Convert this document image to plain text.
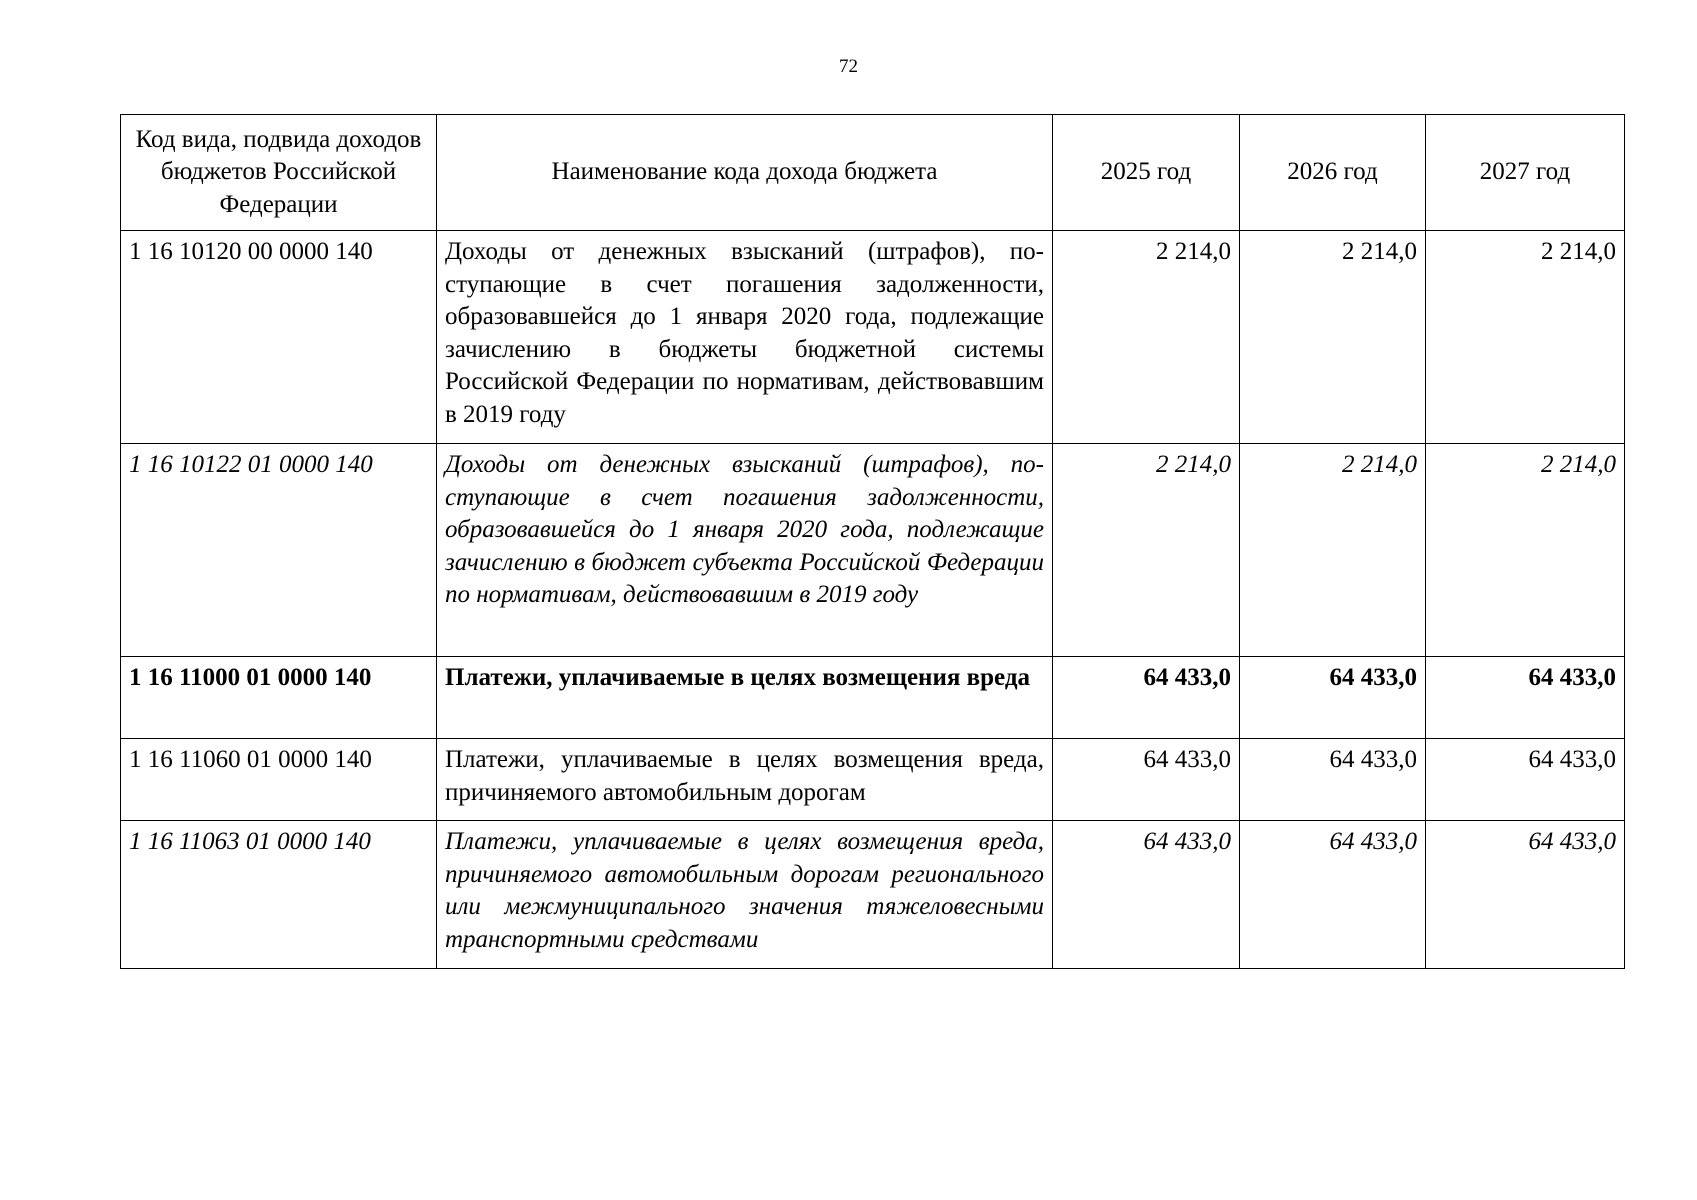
72
Код вида, подвида доходов бюджетов Российской Федерации	Наименование кода дохода бюджета	2025 год	2026 год	2027 год
1 16 10120 00 0000 140	Доходы от денежных взысканий (штрафов), поступающие в счет погашения задолженности, образовавшейся до 1 января 2020 года, подлежащие зачислению в бюджеты бюджетной системы Российской Федерации по нормативам, действовавшим в 2019 году	2 214,0	2 214,0	2 214,0
1 16 10122 01 0000 140	Доходы от денежных взысканий (штрафов), поступающие в счет погашения задолженности, образовавшейся до 1 января 2020 года, подлежащие зачислению в бюджет субъекта Российской Федерации по нормативам, действовавшим в 2019 году	2 214,0	2 214,0	2 214,0
1 16 11000 01 0000 140	Платежи, уплачиваемые в целях возмещения вреда	64 433,0	64 433,0	64 433,0
1 16 11060 01 0000 140	Платежи, уплачиваемые в целях возмещения вреда, причиняемого автомобильным дорогам	64 433,0	64 433,0	64 433,0
1 16 11063 01 0000 140	Платежи, уплачиваемые в целях возмещения вреда, причиняемого автомобильным дорогам регионального или межмуниципального значения тяжеловесными транспортными средствами	64 433,0	64 433,0	64 433,0
